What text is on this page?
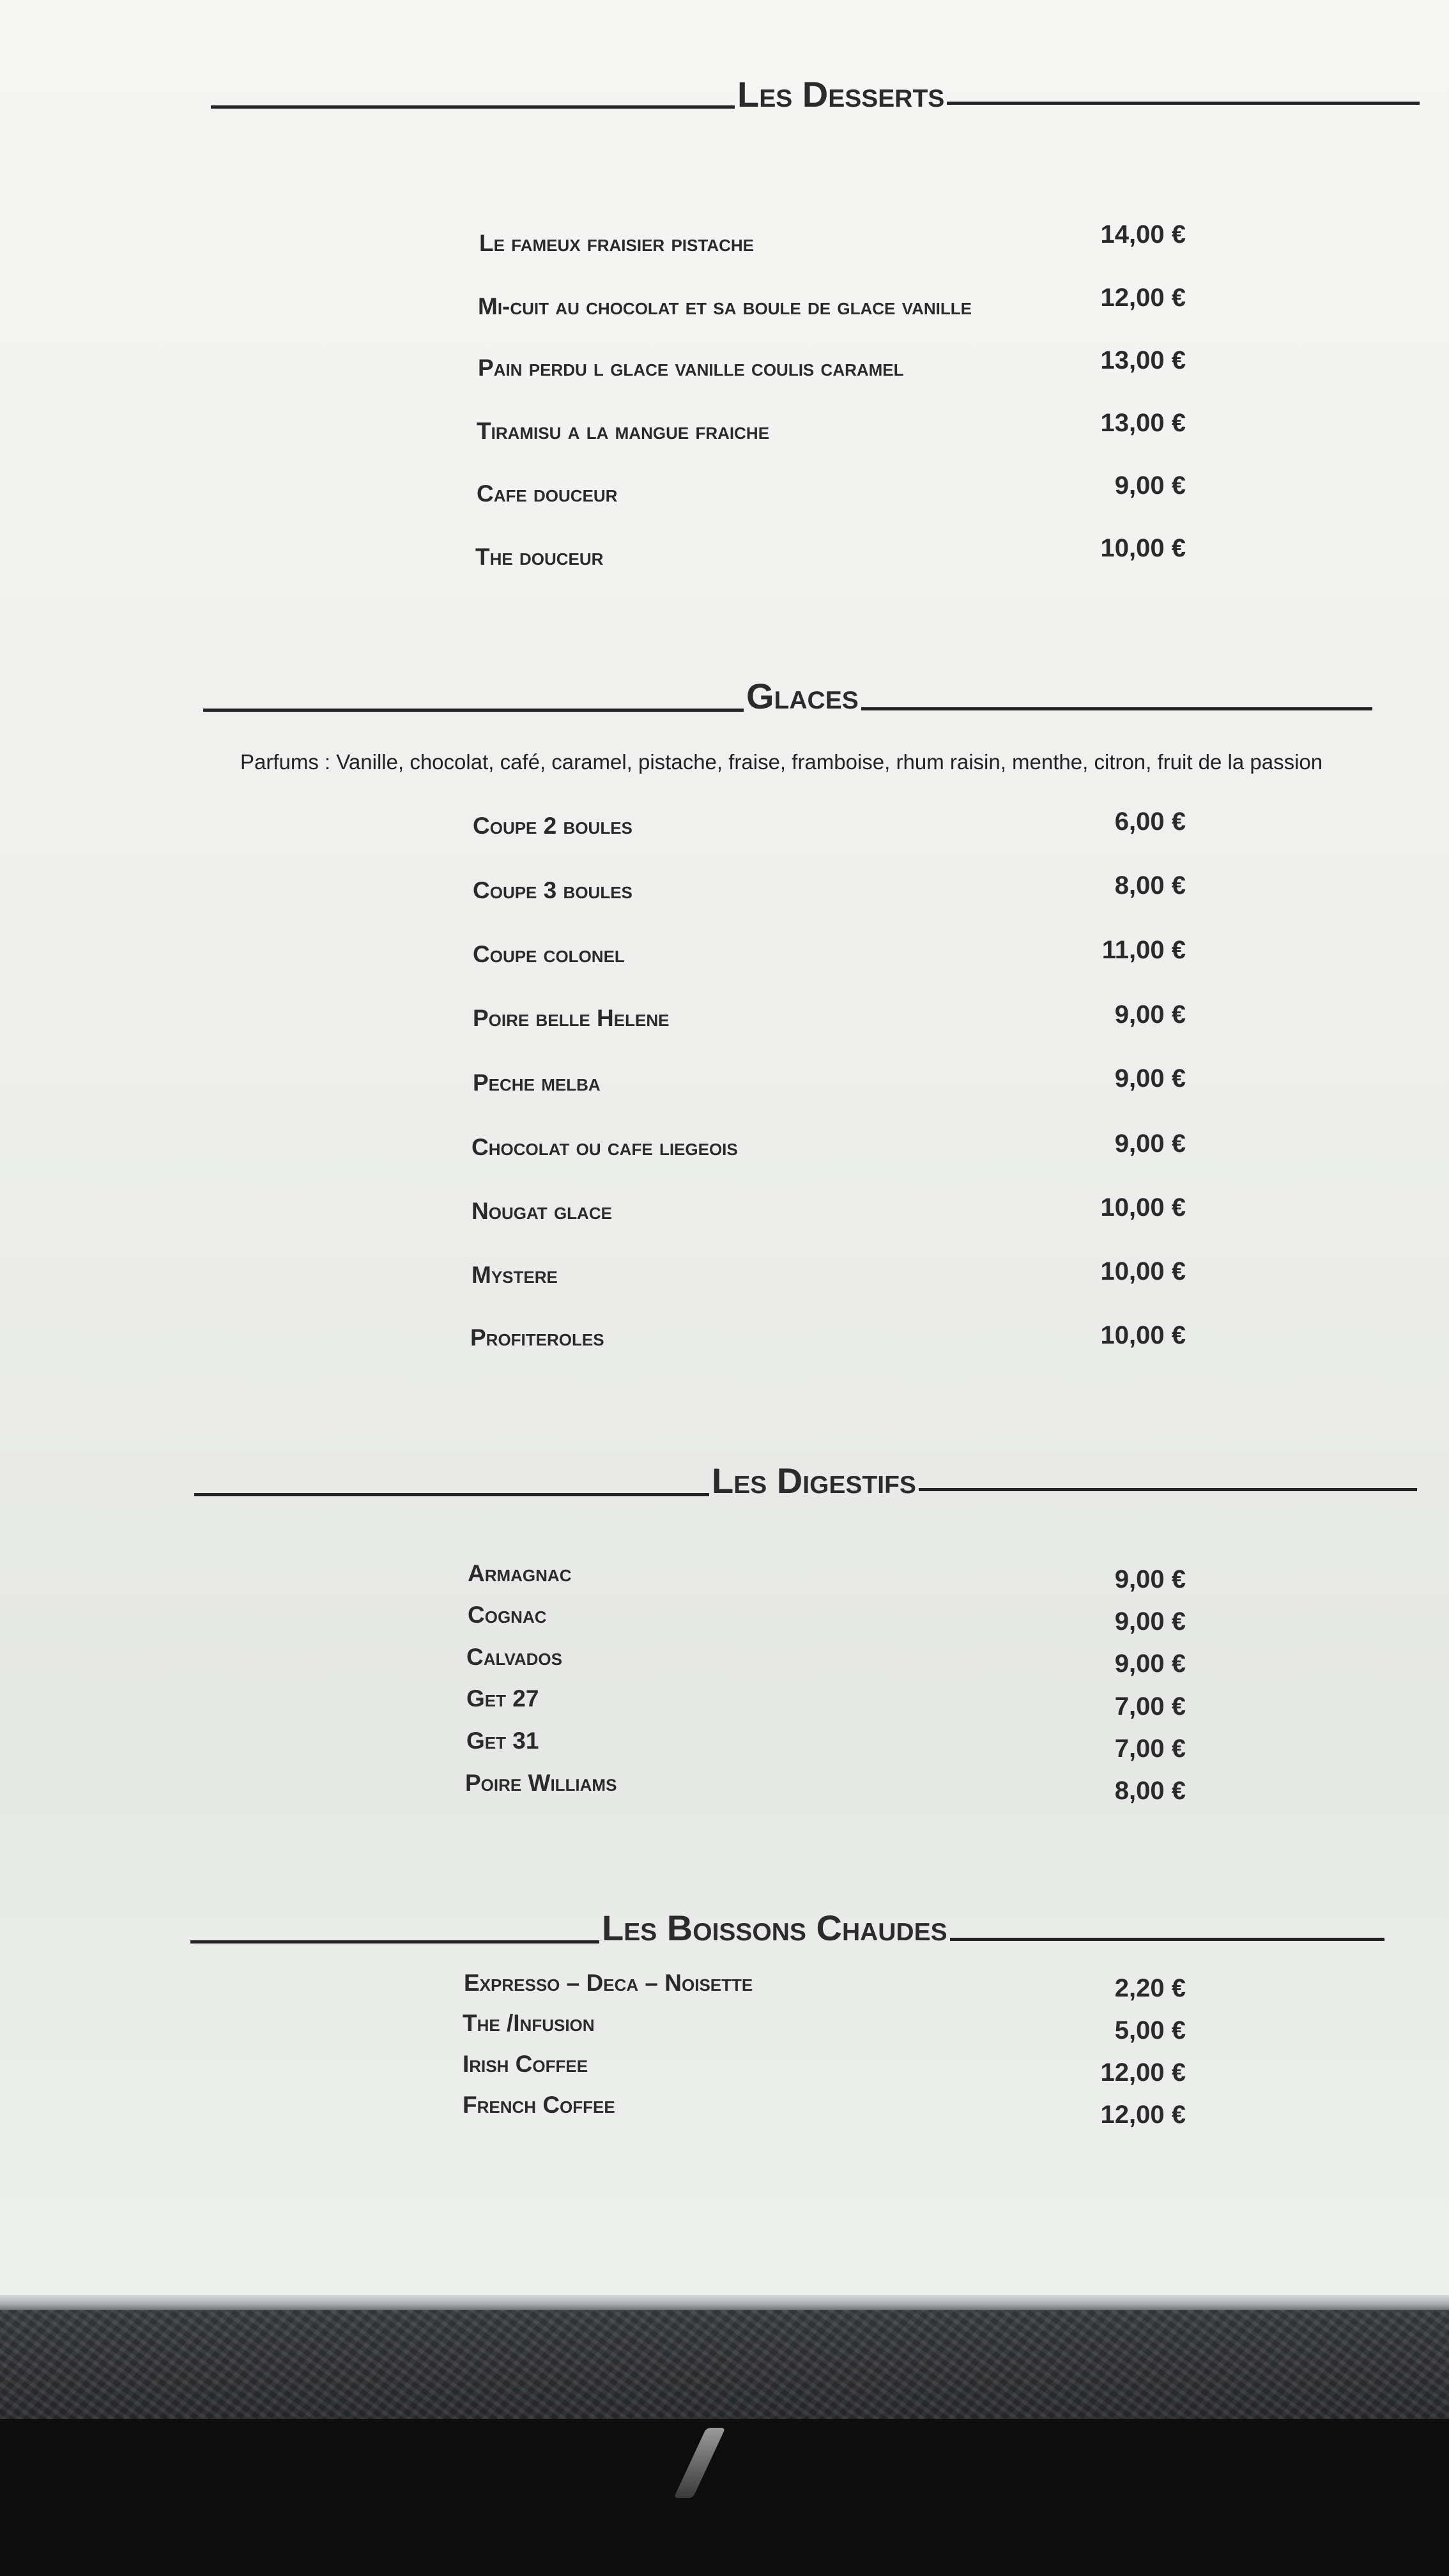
Les Desserts
Le fameux fraisier pistache	14,00 €
Mi-cuit au chocolat et sa boule de glace vanille	12,00 €
Pain perdu l glace vanille coulis caramel	13,00 €
Tiramisu a la mangue fraiche	13,00 €
Cafe douceur	9,00 €
The douceur	10,00 €
Glaces
Parfums : Vanille, chocolat, café, caramel, pistache, fraise, framboise, rhum raisin, menthe, citron, fruit de la passion
Coupe 2 boules	6,00 €
Coupe 3 boules	8,00 €
Coupe colonel	11,00 €
Poire belle Helene	9,00 €
Peche melba	9,00 €
Chocolat ou cafe liegeois	9,00 €
Nougat glace	10,00 €
Mystere	10,00 €
Profiteroles	10,00 €
Les Digestifs
Armagnac	9,00 €
Cognac	9,00 €
Calvados	9,00 €
Get 27	7,00 €
Get 31	7,00 €
Poire Williams	8,00 €
Les Boissons Chaudes
Expresso – Deca – Noisette	2,20 €
The /Infusion	5,00 €
Irish Coffee	12,00 €
French Coffee	12,00 €
